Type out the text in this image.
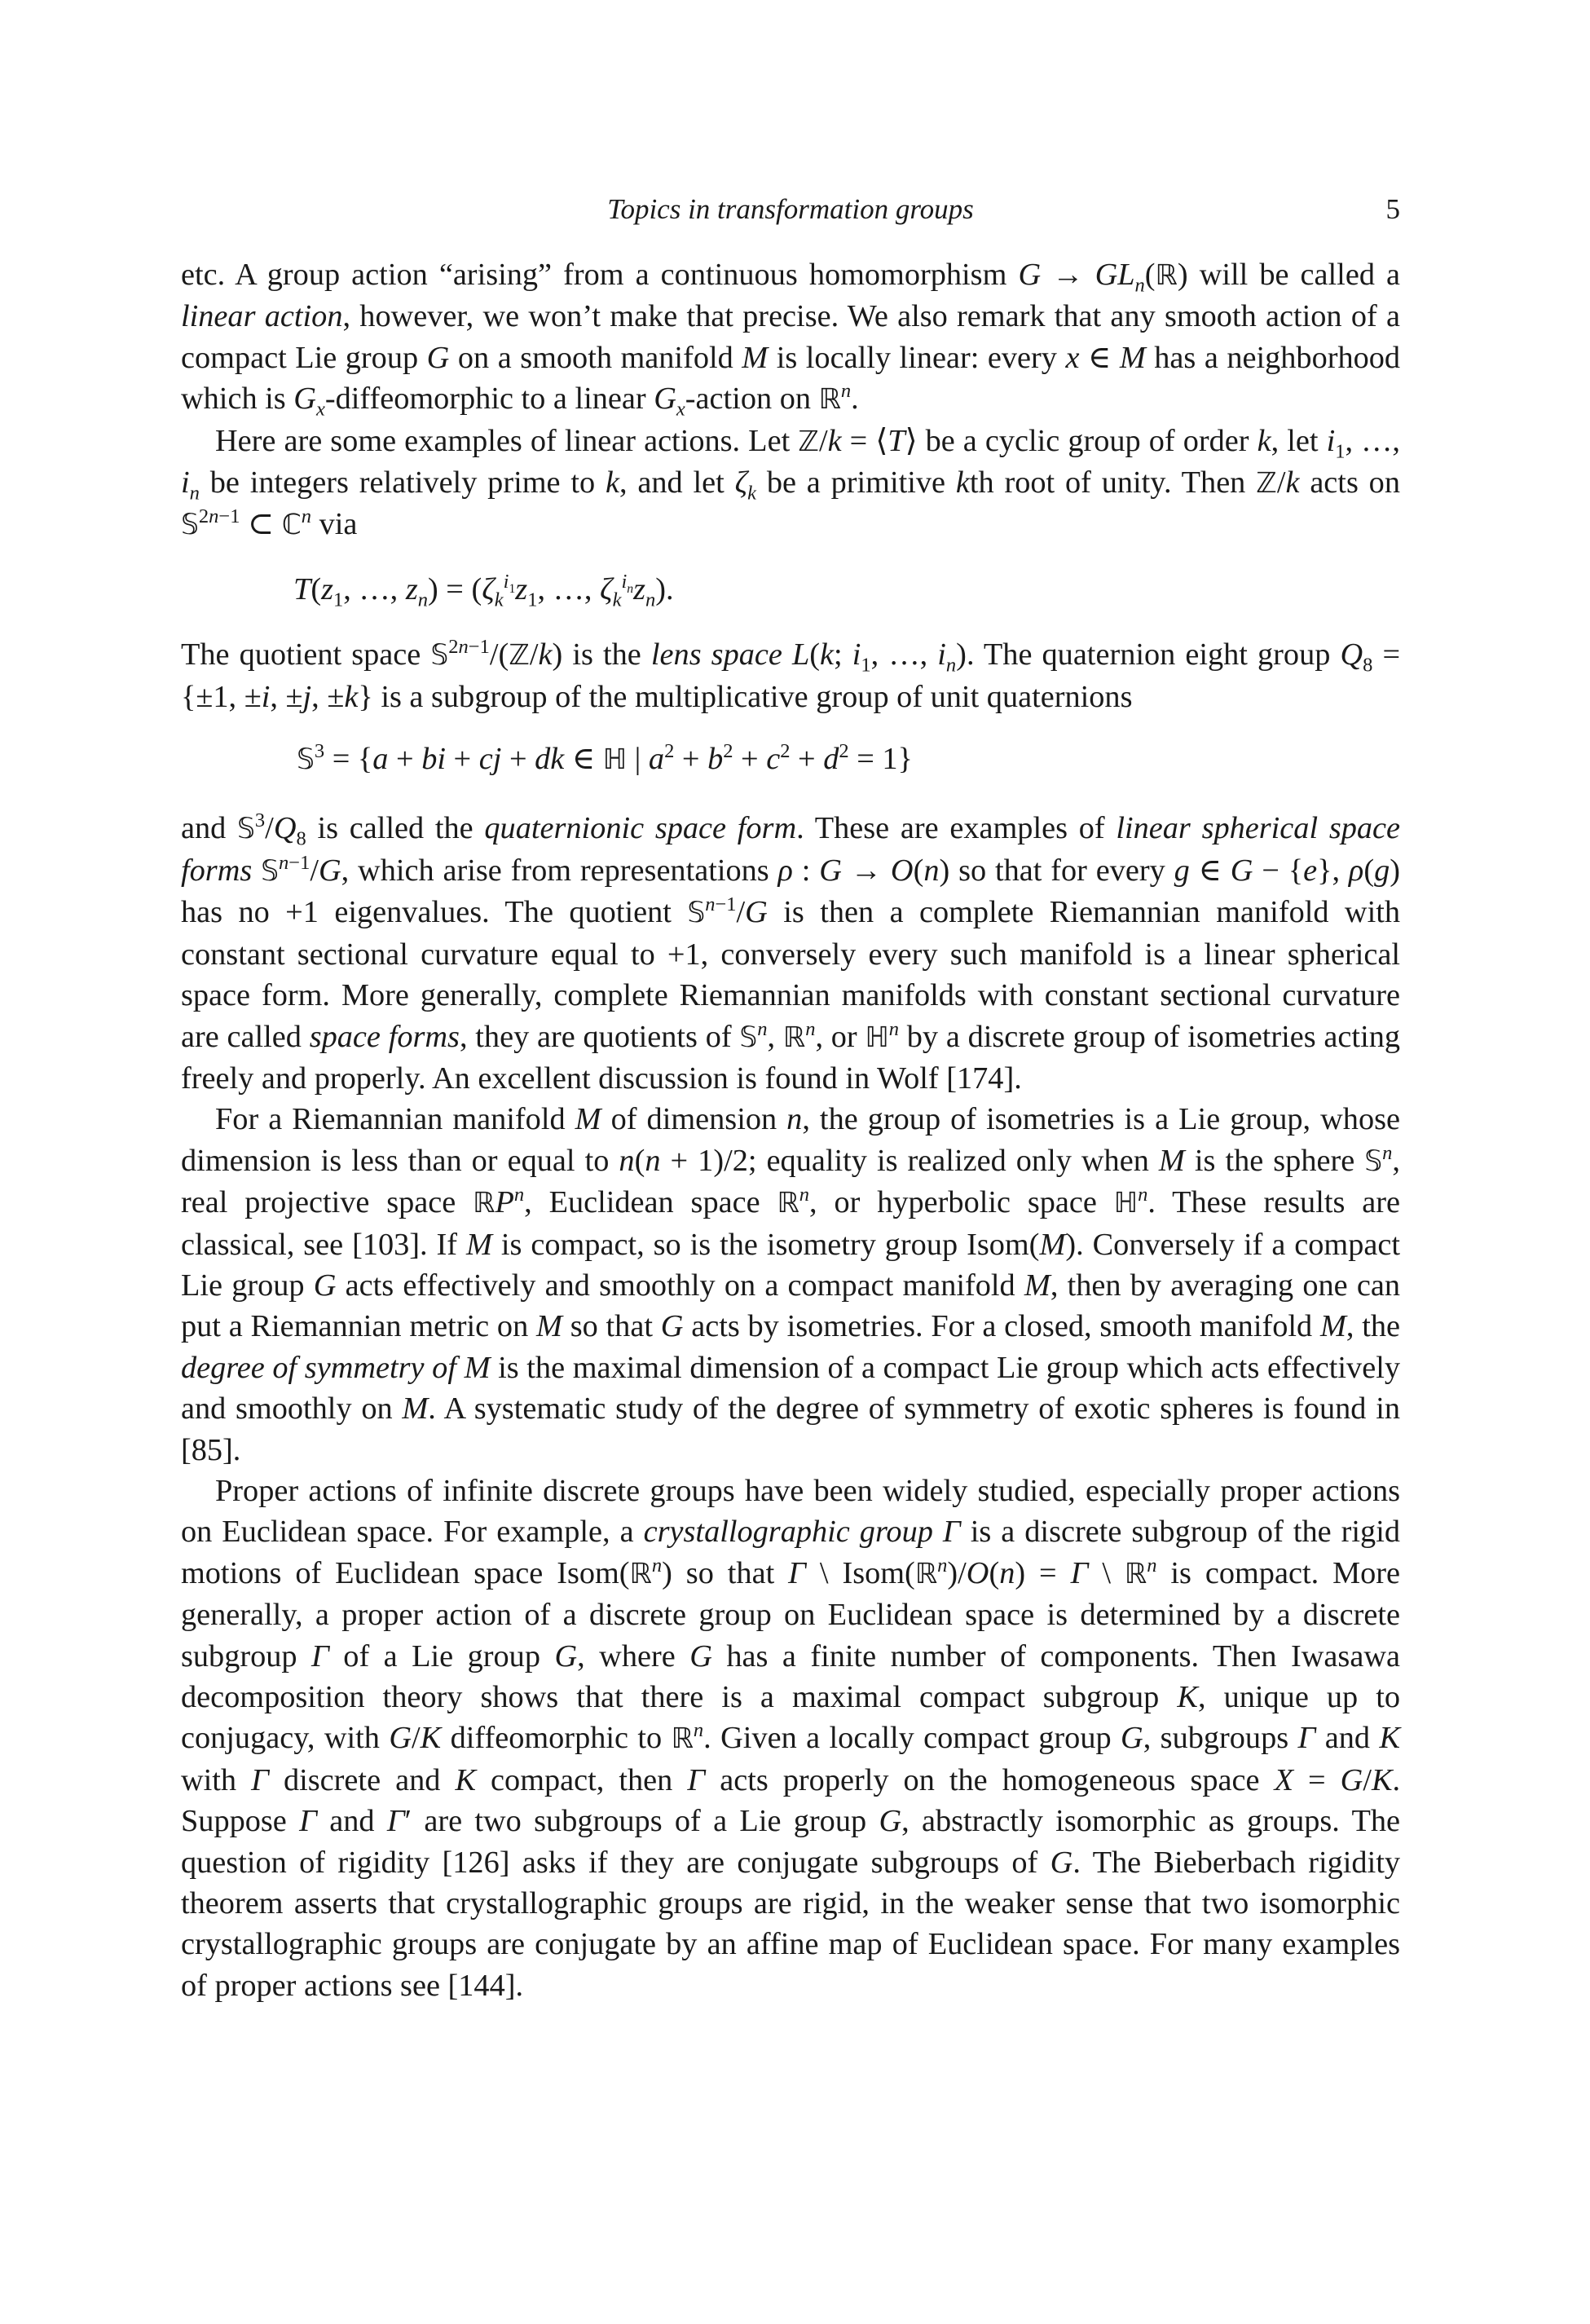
Topics in transformation groups	5

etc. A group action “arising” from a continuous homomorphism $G \to GL_n(ℝ)$ will be called a linear action, however, we won’t make that precise. We also remark that any smooth action of a compact Lie group G on a smooth manifold M is locally linear: every x ∈ M has a neighborhood which is $G_x$-diffeomorphic to a linear $G_x$-action on ℝ$^n$.

Here are some examples of linear actions. Let ℤ/k = ⟨T⟩ be a cyclic group of order k, let $i_1$, …, $i_n$ be integers relatively prime to k, and let $\zeta_k$ be a primitive kth root of unity. Then ℤ/k acts on 𝕊$^{2n-1}$ ⊂ ℂ$^n$ via

$T(z_1$, …, $z_n) = (\zeta_k^{i_1}z_1$, …, $\zeta_k^{i_n}z_n$).

The quotient space 𝕊$^{2n-1}$/(ℤ/k) is the lens space L(k; $i_1$, …, $i_n$). The quaternion eight group $Q_8 = \{\pm 1$, ±i, ±j, ±k} is a subgroup of the multiplicative group of unit quaternions

𝕊$^3$ = {a + bi + cj + dk ∈ ℍ | $a^2 + b^2 + c^2 + d^2 = 1$}

and $𝕊^3/Q_8$ is called the quaternionic space form. These are examples of linear spherical space forms 𝕊$^{n-1}$/G, which arise from representations ρ : G → O(n) so that for every g ∈ G − {e}, ρ(g) has no +1 eigenvalues. The quotient 𝕊$^{n-1}$/G is then a complete Riemannian manifold with constant sectional curvature equal to +1, conversely every such manifold is a linear spherical space form. More generally, complete Riemannian manifolds with constant sectional curvature are called space forms, they are quotients of 𝕊$^n$, ℝ$^n$, or ℍ$^n$ by a discrete group of isometries acting freely and properly. An excellent discussion is found in Wolf [174].

For a Riemannian manifold M of dimension n, the group of isometries is a Lie group, whose dimension is less than or equal to n(n + 1)/2; equality is realized only when M is the sphere 𝕊$^n$, real projective space ℝP$^n$, Euclidean space ℝ$^n$, or hyperbolic space ℍ$^n$. These results are classical, see [103]. If M is compact, so is the isometry group Isom(M). Conversely if a compact Lie group G acts effectively and smoothly on a compact manifold M, then by averaging one can put a Riemannian metric on M so that G acts by isometries. For a closed, smooth manifold M, the degree of symmetry of M is the maximal dimension of a compact Lie group which acts effectively and smoothly on M. A systematic study of the degree of symmetry of exotic spheres is found in [85].

Proper actions of infinite discrete groups have been widely studied, especially proper actions on Euclidean space. For example, a crystallographic group Γ is a discrete subgroup of the rigid motions of Euclidean space Isom(ℝ$^n$) so that Γ \ Isom(ℝ$^n$)/O(n) = Γ \ ℝ$^n$ is compact. More generally, a proper action of a discrete group on Euclidean space is determined by a discrete subgroup Γ of a Lie group G, where G has a finite number of components. Then Iwasawa decomposition theory shows that there is a maximal compact subgroup K, unique up to conjugacy, with G/K diffeomorphic to ℝ$^n$. Given a locally compact group G, subgroups Γ and K with Γ discrete and K compact, then Γ acts properly on the homogeneous space X = G/K. Suppose Γ and Γ′ are two subgroups of a Lie group G, abstractly isomorphic as groups. The question of rigidity [126] asks if they are conjugate subgroups of G. The Bieberbach rigidity theorem asserts that crystallographic groups are rigid, in the weaker sense that two isomorphic crystallographic groups are conjugate by an affine map of Euclidean space. For many examples of proper actions see [144].
